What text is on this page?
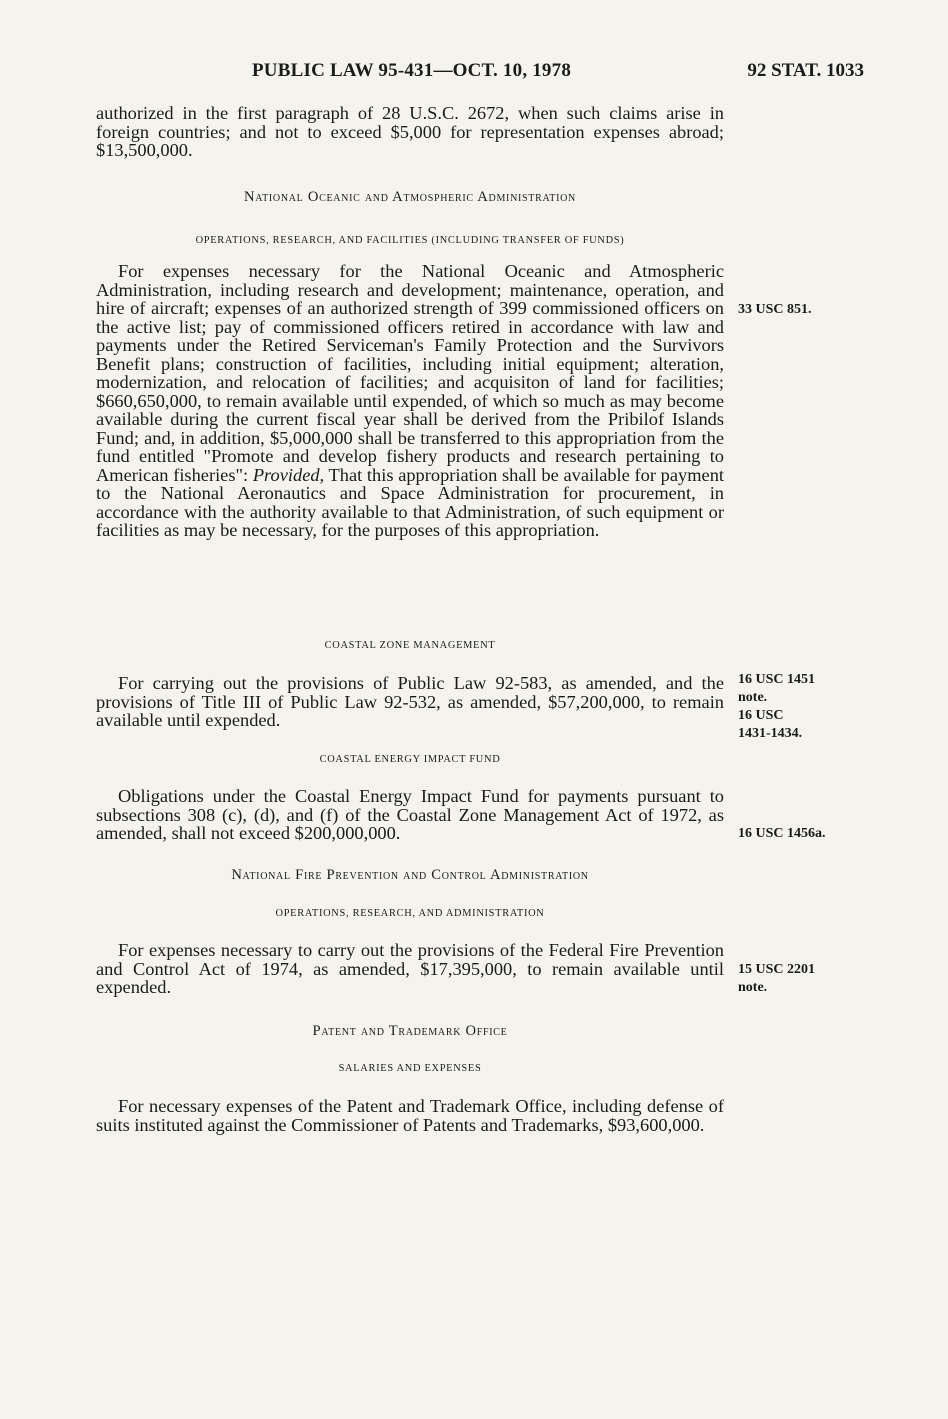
PUBLIC LAW 95-431—OCT. 10, 1978	92 STAT. 1033

authorized in the first paragraph of 28 U.S.C. 2672, when such claims arise in foreign countries; and not to exceed $5,000 for representation expenses abroad; $13,500,000.

National Oceanic and Atmospheric Administration
OPERATIONS, RESEARCH, AND FACILITIES (INCLUDING TRANSFER OF FUNDS)

For expenses necessary for the National Oceanic and Atmospheric Administration, including research and development; maintenance, operation, and hire of aircraft; expenses of an authorized strength of 399 commissioned officers on the active list; pay of commissioned officers retired in accordance with law and payments under the Retired Serviceman's Family Protection and the Survivors Benefit plans; construction of facilities, including initial equipment; alteration, modernization, and relocation of facilities; and acquisiton of land for facilities; $660,650,000, to remain available until expended, of which so much as may become available during the current fiscal year shall be derived from the Pribilof Islands Fund; and, in addition, $5,000,000 shall be transferred to this appropriation from the fund entitled "Promote and develop fishery products and research pertaining to American fisheries": Provided, That this appropriation shall be available for payment to the National Aeronautics and Space Administration for procurement, in accordance with the authority available to that Administration, of such equipment or facilities as may be necessary, for the purposes of this appropriation.

33 USC 851.
COASTAL ZONE MANAGEMENT

For carrying out the provisions of Public Law 92-583, as amended, and the provisions of Title III of Public Law 92-532, as amended, $57,200,000, to remain available until expended.

16 USC 1451
note.
16 USC
1431-1434.
COASTAL ENERGY IMPACT FUND

Obligations under the Coastal Energy Impact Fund for payments pursuant to subsections 308 (c), (d), and (f) of the Coastal Zone Management Act of 1972, as amended, shall not exceed $200,000,000.	16 USC 1456a.
National Fire Prevention and Control Administration
OPERATIONS, RESEARCH, AND ADMINISTRATION

For expenses necessary to carry out the provisions of the Federal Fire Prevention and Control Act of 1974, as amended, $17,395,000, to remain available until expended.

15 USC 2201
note.
Patent and Trademark Office
SALARIES AND EXPENSES

For necessary expenses of the Patent and Trademark Office, including defense of suits instituted against the Commissioner of Patents and Trademarks, $93,600,000.
